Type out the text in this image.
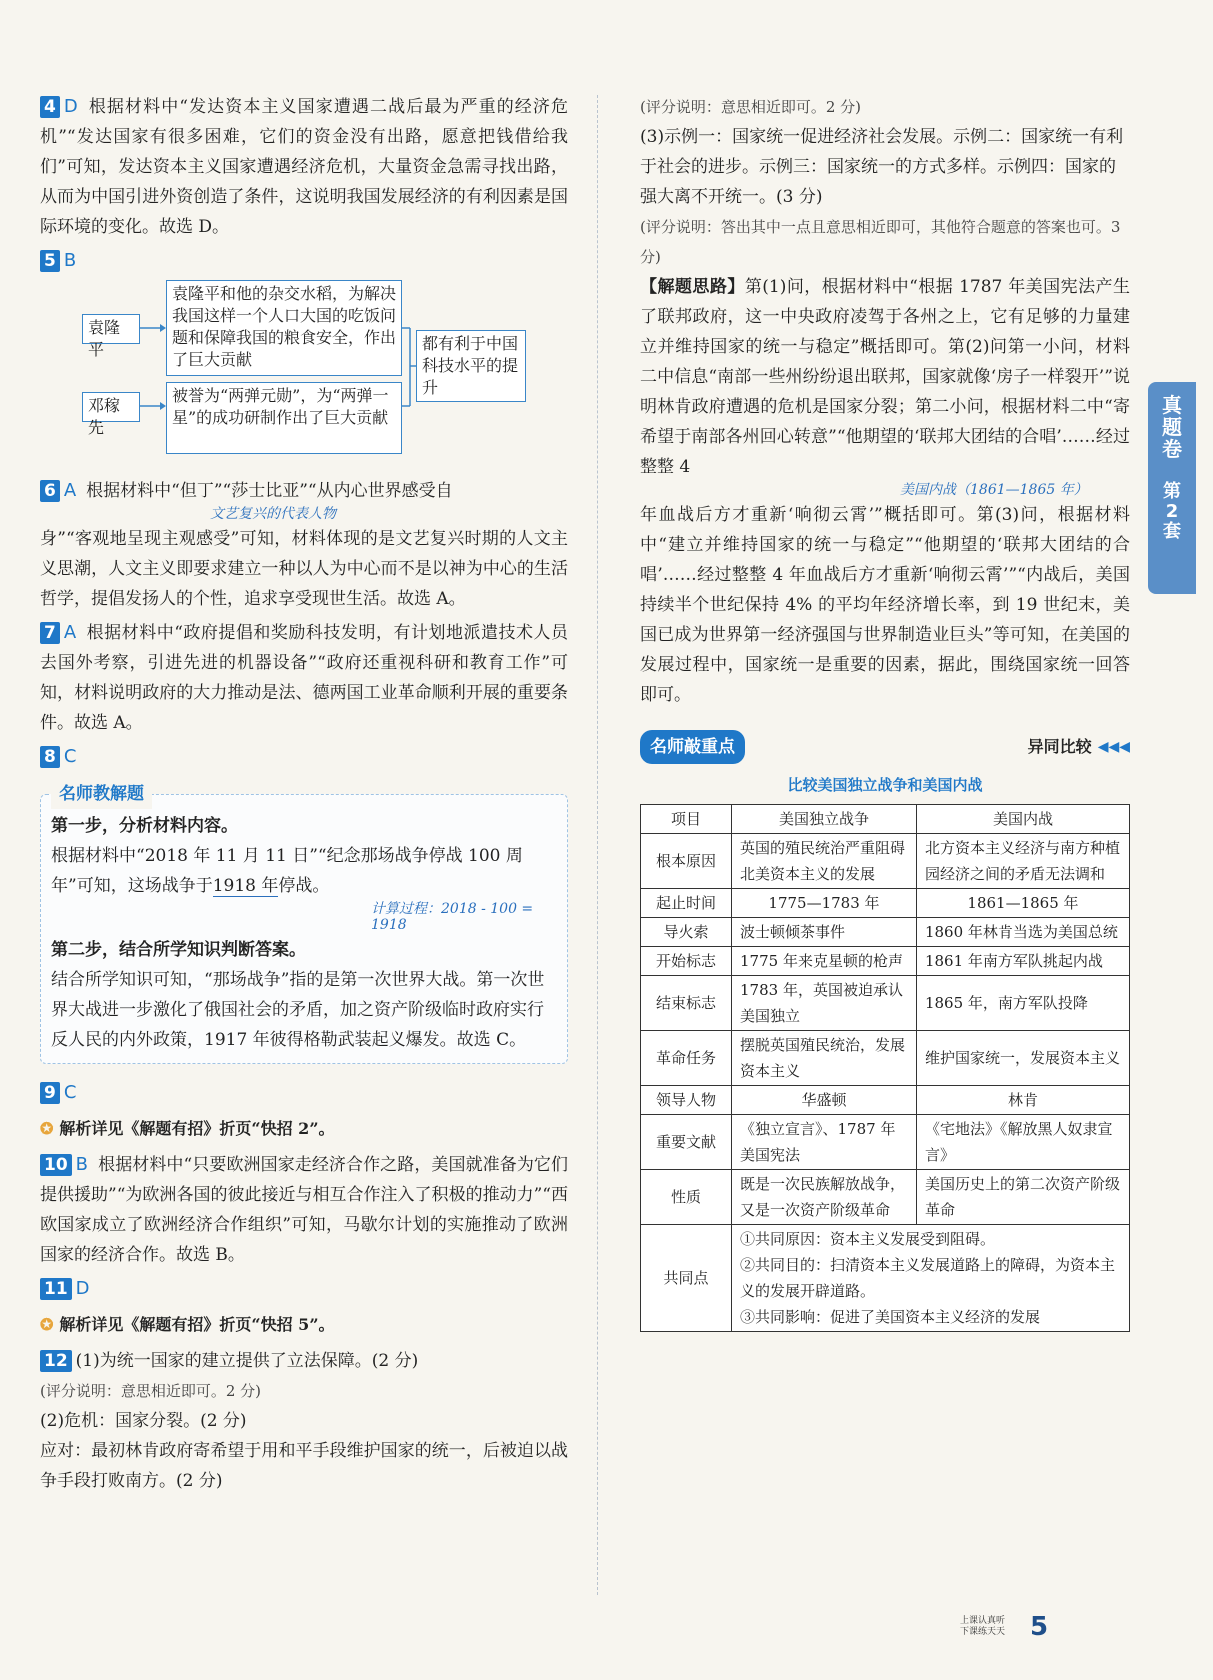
4 D 根据材料中“发达资本主义国家遭遇二战后最为严重的经济危机”“发达国家有很多困难，它们的资金没有出路，愿意把钱借给我们”可知，发达资本主义国家遭遇经济危机，大量资金急需寻找出路，从而为中国引进外资创造了条件，这说明我国发展经济的有利因素是国际环境的变化。故选 D。
5 B
袁隆平
袁隆平和他的杂交水稻，为解决我国这样一个人口大国的吃饭问题和保障我国的粮食安全，作出了巨大贡献
邓稼先
被誉为“两弹元勋”，为“两弹一星”的成功研制作出了巨大贡献
都有利于中国科技水平的提升
6 A 根据材料中“但丁”“莎士比亚”“从内心世界感受自
文艺复兴的代表人物
身”“客观地呈现主观感受”可知，材料体现的是文艺复兴时期的人文主义思潮，人文主义即要求建立一种以人为中心而不是以神为中心的生活哲学，提倡发扬人的个性，追求享受现世生活。故选 A。
7 A 根据材料中“政府提倡和奖励科技发明，有计划地派遣技术人员去国外考察，引进先进的机器设备”“政府还重视科研和教育工作”可知，材料说明政府的大力推动是法、德两国工业革命顺利开展的重要条件。故选 A。
8 C
名师教解题
第一步，分析材料内容。
根据材料中“2018 年 11 月 11 日”“纪念那场战争停战 100 周年”可知，这场战争于1918 年停战。
计算过程：2018 - 100 = 1918
第二步，结合所学知识判断答案。
结合所学知识可知，“那场战争”指的是第一次世界大战。第一次世界大战进一步激化了俄国社会的矛盾，加之资产阶级临时政府实行反人民的内外政策，1917 年彼得格勒武装起义爆发。故选 C。
9 C
✪ 解析详见《解题有招》折页“快招 2”。
10 B 根据材料中“只要欧洲国家走经济合作之路，美国就准备为它们提供援助”“为欧洲各国的彼此接近与相互合作注入了积极的推动力”“西欧国家成立了欧洲经济合作组织”可知，马歇尔计划的实施推动了欧洲国家的经济合作。故选 B。
11 D
✪ 解析详见《解题有招》折页“快招 5”。
12 (1)为统一国家的建立提供了立法保障。(2 分)
(评分说明：意思相近即可。2 分)
(2)危机：国家分裂。(2 分)
应对：最初林肯政府寄希望于用和平手段维护国家的统一，后被迫以战争手段打败南方。(2 分)
(评分说明：意思相近即可。2 分)
(3)示例一：国家统一促进经济社会发展。示例二：国家统一有利于社会的进步。示例三：国家统一的方式多样。示例四：国家的强大离不开统一。(3 分)
(评分说明：答出其中一点且意思相近即可，其他符合题意的答案也可。3 分)
【解题思路】第(1)问，根据材料中“根据 1787 年美国宪法产生了联邦政府，这一中央政府凌驾于各州之上，它有足够的力量建立并维持国家的统一与稳定”概括即可。第(2)问第一小问，材料二中信息“南部一些州纷纷退出联邦，国家就像‘房子一样裂开’”说明林肯政府遭遇的危机是国家分裂；第二小问，根据材料二中“寄希望于南部各州回心转意”“他期望的‘联邦大团结的合唱’……经过整整 4
美国内战（1861—1865 年）
年血战后方才重新‘响彻云霄’”概括即可。第(3)问，根据材料中“建立并维持国家的统一与稳定”“他期望的‘联邦大团结的合唱’……经过整整 4 年血战后方才重新‘响彻云霄’”“内战后，美国持续半个世纪保持 4% 的平均年经济增长率，到 19 世纪末，美国已成为世界第一经济强国与世界制造业巨头”等可知，在美国的发展过程中，国家统一是重要的因素，据此，围绕国家统一回答即可。
名师敲重点	异同比较 ◀◀◀
比较美国独立战争和美国内战
项目	美国独立战争	美国内战
根本原因	英国的殖民统治严重阻碍北美资本主义的发展	北方资本主义经济与南方种植园经济之间的矛盾无法调和
起止时间	1775—1783 年	1861—1865 年
导火索	波士顿倾茶事件	1860 年林肯当选为美国总统
开始标志	1775 年来克星顿的枪声	1861 年南方军队挑起内战
结束标志	1783 年，英国被迫承认美国独立	1865 年，南方军队投降
革命任务	摆脱英国殖民统治，发展资本主义	维护国家统一，发展资本主义
领导人物	华盛顿	林肯
重要文献	《独立宣言》、1787 年美国宪法	《宅地法》《解放黑人奴隶宣言》
性质	既是一次民族解放战争，又是一次资产阶级革命	美国历史上的第二次资产阶级革命
共同点	①共同原因：资本主义发展受到阻碍。
②共同目的：扫清资本主义发展道路上的障碍，为资本主义的发展开辟道路。
③共同影响：促进了美国资本主义经济的发展	
真
题
卷
第
2
套
上课认真听
下课练天天 5
